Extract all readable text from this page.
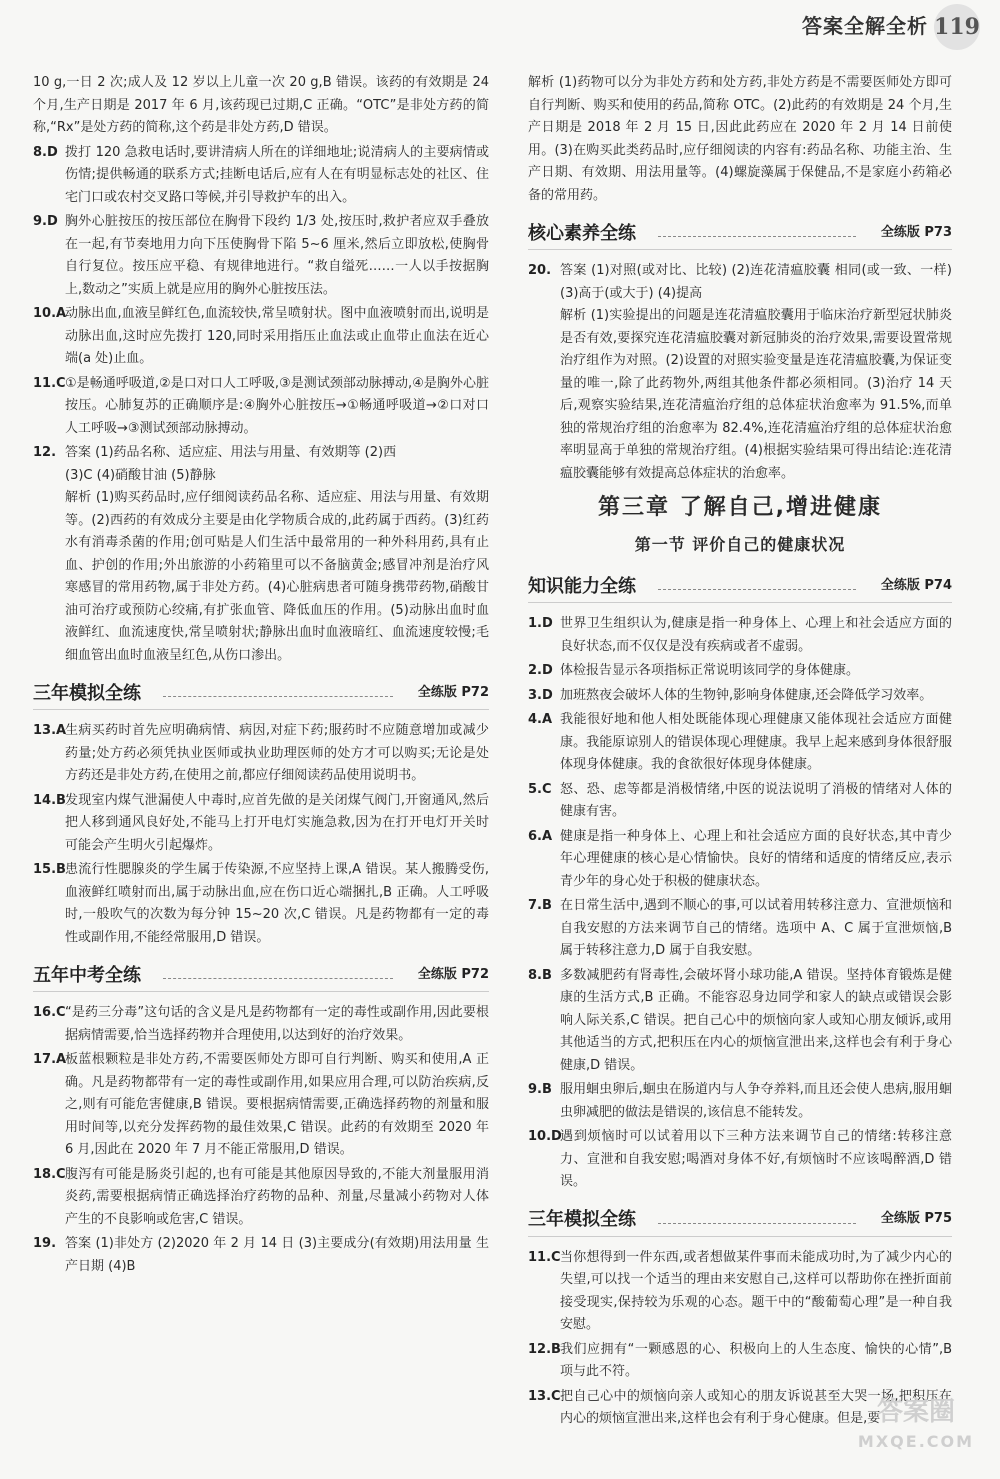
答案全解全析 119
10 g,一日 2 次;成人及 12 岁以上儿童一次 20 g,B 错误。该药的有效期是 24 个月,生产日期是 2017 年 6 月,该药现已过期,C 正确。“OTC”是非处方药的简称,“Rx”是处方药的简称,这个药是非处方药,D 错误。
8.D 拨打 120 急救电话时,要讲清病人所在的详细地址;说清病人的主要病情或伤情;提供畅通的联系方式;挂断电话后,应有人在有明显标志处的社区、住宅门口或农村交叉路口等候,并引导救护车的出入。
9.D 胸外心脏按压的按压部位在胸骨下段约 1/3 处,按压时,救护者应双手叠放在一起,有节奏地用力向下压使胸骨下陷 5~6 厘米,然后立即放松,使胸骨自行复位。按压应平稳、有规律地进行。“救自缢死……一人以手按据胸上,数动之”实质上就是应用的胸外心脏按压法。
10.A
动脉出血,血液呈鲜红色,血流较快,常呈喷射状。图中血液喷射而出,说明是动脉出血,这时应先拨打 120,同时采用指压止血法或止血带止血法在近心端(a 处)止血。
11.C ①是畅通呼吸道,②是口对口人工呼吸,③是测试颈部动脉搏动,④是胸外心脏按压。心肺复苏的正确顺序是:④胸外心脏按压→①畅通呼吸道→②口对口人工呼吸→③测试颈部动脉搏动。
12. 答案 (1)药品名称、适应症、用法与用量、有效期等 (2)西
(3)C (4)硝酸甘油 (5)静脉
解析 (1)购买药品时,应仔细阅读药品名称、适应症、用法与用量、有效期等。(2)西药的有效成分主要是由化学物质合成的,此药属于西药。(3)红药水有消毒杀菌的作用;创可贴是人们生活中最常用的一种外科用药,具有止血、护创的作用;外出旅游的小药箱里可以不备脑黄金;感冒冲剂是治疗风寒感冒的常用药物,属于非处方药。(4)心脏病患者可随身携带药物,硝酸甘油可治疗或预防心绞痛,有扩张血管、降低血压的作用。(5)动脉出血时血液鲜红、血流速度快,常呈喷射状;静脉出血时血液暗红、血流速度较慢;毛细血管出血时血液呈红色,从伤口渗出。
三年模拟全练	全练版 P72
13.A
生病买药时首先应明确病情、病因,对症下药;服药时不应随意增加或减少药量;处方药必须凭执业医师或执业助理医师的处方才可以购买;无论是处方药还是非处方药,在使用之前,都应仔细阅读药品使用说明书。
14.B 发现室内煤气泄漏使人中毒时,应首先做的是关闭煤气阀门,开窗通风,然后把人移到通风良好处,不能马上打开电灯实施急救,因为在打开电灯开关时可能会产生明火引起爆炸。
15.B 患流行性腮腺炎的学生属于传染源,不应坚持上课,A 错误。某人搬腾受伤,血液鲜红喷射而出,属于动脉出血,应在伤口近心端捆扎,B 正确。人工呼吸时,一般吹气的次数为每分钟 15~20 次,C 错误。凡是药物都有一定的毒性或副作用,不能经常服用,D 错误。
五年中考全练	全练版 P72
16.C “是药三分毒”这句话的含义是凡是药物都有一定的毒性或副作用,因此要根据病情需要,恰当选择药物并合理使用,以达到好的治疗效果。
17.A
板蓝根颗粒是非处方药,不需要医师处方即可自行判断、购买和使用,A 正确。凡是药物都带有一定的毒性或副作用,如果应用合理,可以防治疾病,反之,则有可能危害健康,B 错误。要根据病情需要,正确选择药物的剂量和服用时间等,以充分发挥药物的最佳效果,C 错误。此药的有效期至 2020 年 6 月,因此在 2020 年 7 月不能正常服用,D 错误。
18.C 腹泻有可能是肠炎引起的,也有可能是其他原因导致的,不能大剂量服用消炎药,需要根据病情正确选择治疗药物的品种、剂量,尽量减小药物对人体产生的不良影响或危害,C 错误。
19. 答案 (1)非处方 (2)2020 年 2 月 14 日 (3)主要成分(有效期)用法用量 生产日期 (4)B
解析 (1)药物可以分为非处方药和处方药,非处方药是不需要医师处方即可自行判断、购买和使用的药品,简称 OTC。(2)此药的有效期是 24 个月,生产日期是 2018 年 2 月 15 日,因此此药应在 2020 年 2 月 14 日前使用。(3)在购买此类药品时,应仔细阅读的内容有:药品名称、功能主治、生产日期、有效期、用法用量等。(4)螺旋藻属于保健品,不是家庭小药箱必备的常用药。
核心素养全练	全练版 P73
20. 答案 (1)对照(或对比、比较) (2)连花清瘟胶囊 相同(或一致、一样) (3)高于(或大于) (4)提高
解析 (1)实验提出的问题是连花清瘟胶囊用于临床治疗新型冠状肺炎是否有效,要探究连花清瘟胶囊对新冠肺炎的治疗效果,需要设置常规治疗组作为对照。(2)设置的对照实验变量是连花清瘟胶囊,为保证变量的唯一,除了此药物外,两组其他条件都必须相同。(3)治疗 14 天后,观察实验结果,连花清瘟治疗组的总体症状治愈率为 91.5%,而单独的常规治疗组的治愈率为 82.4%,连花清瘟治疗组的总体症状治愈率明显高于单独的常规治疗组。(4)根据实验结果可得出结论:连花清瘟胶囊能够有效提高总体症状的治愈率。
第三章 了解自己,增进健康
第一节 评价自己的健康状况
知识能力全练	全练版 P74
1.D 世界卫生组织认为,健康是指一种身体上、心理上和社会适应方面的良好状态,而不仅仅是没有疾病或者不虚弱。
2.D 体检报告显示各项指标正常说明该同学的身体健康。
3.D 加班熬夜会破坏人体的生物钟,影响身体健康,还会降低学习效率。
4.A 我能很好地和他人相处既能体现心理健康又能体现社会适应方面健康。我能原谅别人的错误体现心理健康。我早上起来感到身体很舒服体现身体健康。我的食欲很好体现身体健康。
5.C 怒、恐、虑等都是消极情绪,中医的说法说明了消极的情绪对人体的健康有害。
6.A 健康是指一种身体上、心理上和社会适应方面的良好状态,其中青少年心理健康的核心是心情愉快。良好的情绪和适度的情绪反应,表示青少年的身心处于积极的健康状态。
7.B 在日常生活中,遇到不顺心的事,可以试着用转移注意力、宣泄烦恼和自我安慰的方法来调节自己的情绪。选项中 A、C 属于宣泄烦恼,B 属于转移注意力,D 属于自我安慰。
8.B 多数减肥药有肾毒性,会破坏肾小球功能,A 错误。坚持体育锻炼是健康的生活方式,B 正确。不能容忍身边同学和家人的缺点或错误会影响人际关系,C 错误。把自己心中的烦恼向家人或知心朋友倾诉,或用其他适当的方式,把积压在内心的烦恼宣泄出来,这样也会有利于身心健康,D 错误。
9.B 服用蛔虫卵后,蛔虫在肠道内与人争夺养料,而且还会使人患病,服用蛔虫卵减肥的做法是错误的,该信息不能转发。
10.D
遇到烦恼时可以试着用以下三种方法来调节自己的情绪:转移注意力、宣泄和自我安慰;喝酒对身体不好,有烦恼时不应该喝醉酒,D 错误。
三年模拟全练	全练版 P75
11.C 当你想得到一件东西,或者想做某件事而未能成功时,为了减少内心的失望,可以找一个适当的理由来安慰自己,这样可以帮助你在挫折面前接受现实,保持较为乐观的心态。题干中的“酸葡萄心理”是一种自我安慰。
12.B 我们应拥有“一颗感恩的心、积极向上的人生态度、愉快的心情”,B 项与此不符。
13.C 把自己心中的烦恼向亲人或知心的朋友诉说甚至大哭一场,把积压在内心的烦恼宣泄出来,这样也会有利于身心健康。但是,要
答案圈
MXQE.COM
